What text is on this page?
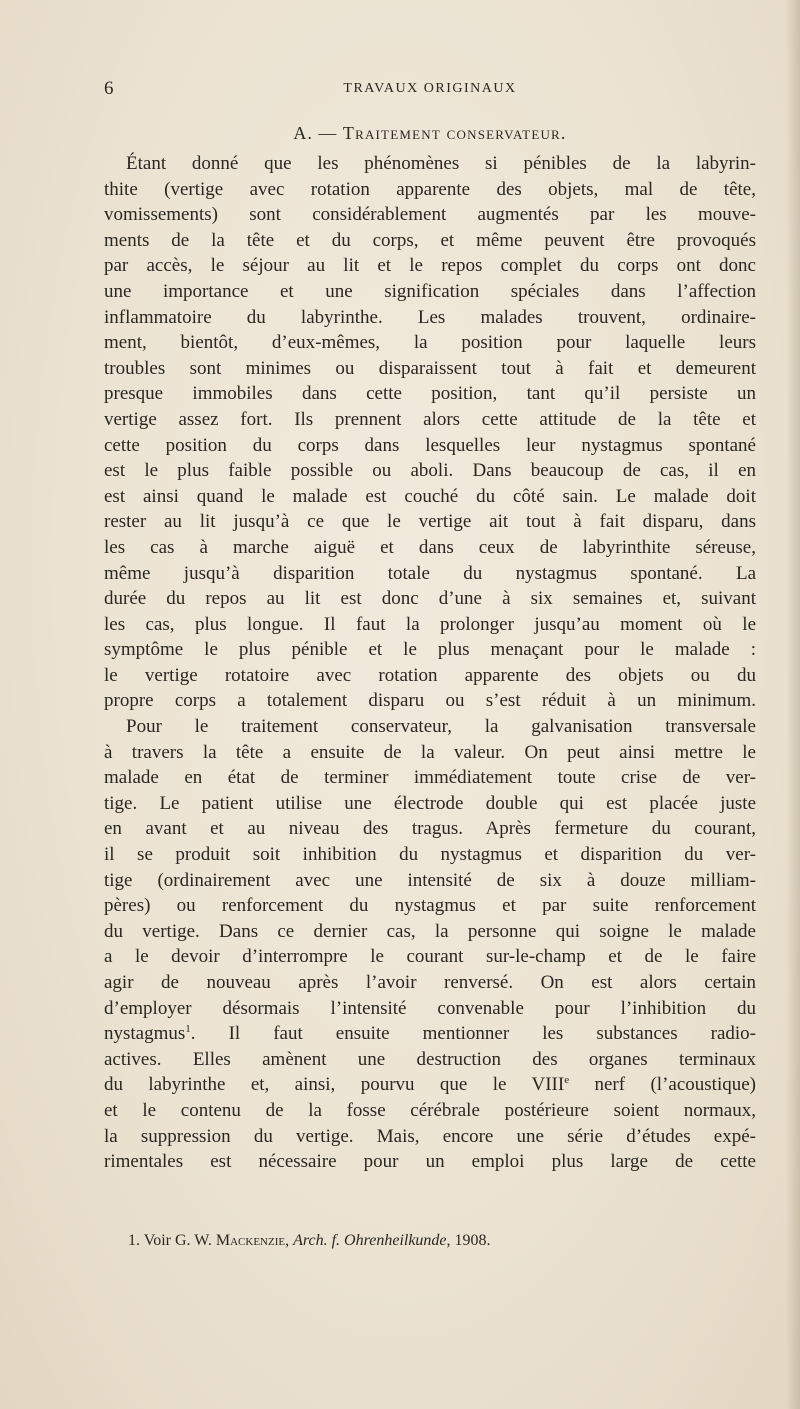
6	TRAVAUX ORIGINAUX
A. — Traitement conservateur.
Étant donné que les phénomènes si pénibles de la labyrin-
thite (vertige avec rotation apparente des objets, mal de tête,
vomissements) sont considérablement augmentés par les mouve-
ments de la tête et du corps, et même peuvent être provoqués
par accès, le séjour au lit et le repos complet du corps ont donc
une importance et une signification spéciales dans l’affection
inflammatoire du labyrinthe. Les malades trouvent, ordinaire-
ment, bientôt, d’eux-mêmes, la position pour laquelle leurs
troubles sont minimes ou disparaissent tout à fait et demeurent
presque immobiles dans cette position, tant qu’il persiste un
vertige assez fort. Ils prennent alors cette attitude de la tête et
cette position du corps dans lesquelles leur nystagmus spontané
est le plus faible possible ou aboli. Dans beaucoup de cas, il en
est ainsi quand le malade est couché du côté sain. Le malade doit
rester au lit jusqu’à ce que le vertige ait tout à fait disparu, dans
les cas à marche aiguë et dans ceux de labyrinthite séreuse,
même jusqu’à disparition totale du nystagmus spontané. La
durée du repos au lit est donc d’une à six semaines et, suivant
les cas, plus longue. Il faut la prolonger jusqu’au moment où le
symptôme le plus pénible et le plus menaçant pour le malade :
le vertige rotatoire avec rotation apparente des objets ou du
propre corps a totalement disparu ou s’est réduit à un minimum.
Pour le traitement conservateur, la galvanisation transversale
à travers la tête a ensuite de la valeur. On peut ainsi mettre le
malade en état de terminer immédiatement toute crise de ver-
tige. Le patient utilise une électrode double qui est placée juste
en avant et au niveau des tragus. Après fermeture du courant,
il se produit soit inhibition du nystagmus et disparition du ver-
tige (ordinairement avec une intensité de six à douze milliam-
pères) ou renforcement du nystagmus et par suite renforcement
du vertige. Dans ce dernier cas, la personne qui soigne le malade
a le devoir d’interrompre le courant sur-le-champ et de le faire
agir de nouveau après l’avoir renversé. On est alors certain
d’employer désormais l’intensité convenable pour l’inhibition du
nystagmus$^1$. Il faut ensuite mentionner les substances radio-
actives. Elles amènent une destruction des organes terminaux
du labyrinthe et, ainsi, pourvu que le VIIIe nerf (l’acoustique)
et le contenu de la fosse cérébrale postérieure soient normaux,
la suppression du vertige. Mais, encore une série d’études expé-
rimentales est nécessaire pour un emploi plus large de cette
1. Voir G. W. Mackenzie, Arch. f. Ohrenheilkunde, 1908.
